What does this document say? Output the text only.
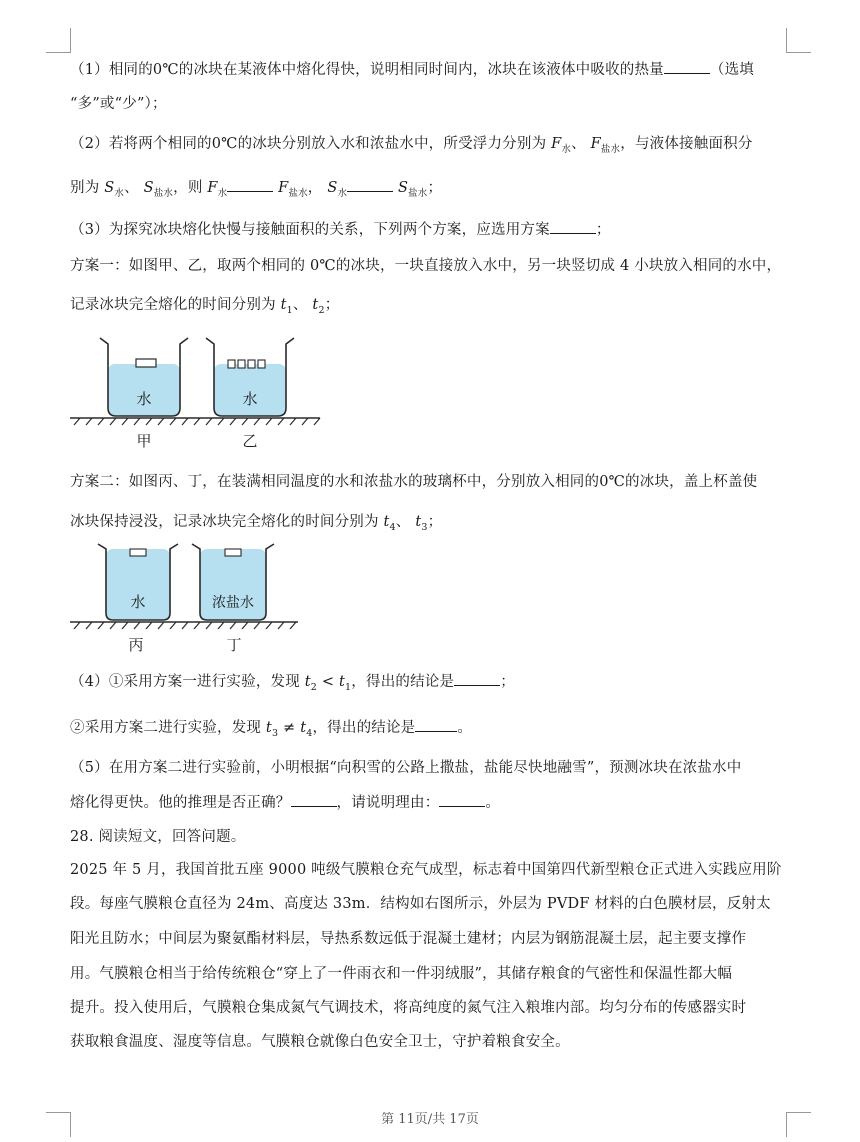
（1）相同的0℃的冰块在某液体中熔化得快，说明相同时间内，冰块在该液体中吸收的热量	（选填
“多”或“少”）；
（2）若将两个相同的0℃的冰块分别放入水和浓盐水中，所受浮力分别为 $F_水$、 $F_{盐水}$，与液体接触面积分
别为 $S_水$、 $S_{盐水}$，则 $F_水$	$F_{盐水}$， $S_水$	$S_{盐水}$；
（3）为探究冰块熔化快慢与接触面积的关系，下列两个方案，应选用方案	；
方案一：如图甲、乙，取两个相同的 0℃的冰块，一块直接放入水中，另一块竖切成 4 小块放入相同的水中，
记录冰块完全熔化的时间分别为 $t_1$、 $t_2$；
水	水
甲	乙
方案二：如图丙、丁，在装满相同温度的水和浓盐水的玻璃杯中，分别放入相同的0℃的冰块，盖上杯盖使
冰块保持浸没，记录冰块完全熔化的时间分别为 $t_4$、 $t_3$；
水	浓盐水
丙	丁
（4）①采用方案一进行实验，发现 $t_2 < t_1$，得出的结论是	；
②采用方案二进行实验，发现 $t_3 \ne t_4$，得出的结论是	。
（5）在用方案二进行实验前，小明根据“向积雪的公路上撒盐，盐能尽快地融雪”，预测冰块在浓盐水中
熔化得更快。他的推理是否正确？	，请说明理由：	。
28. 阅读短文，回答问题。
2025 年 5 月，我国首批五座 9000 吨级气膜粮仓充气成型，标志着中国第四代新型粮仓正式进入实践应用阶
段。每座气膜粮仓直径为 24m、高度达 33m．结构如右图所示，外层为 PVDF 材料的白色膜材层，反射太
阳光且防水；中间层为聚氨酯材料层，导热系数远低于混凝土建材；内层为钢筋混凝土层，起主要支撑作
用。气膜粮仓相当于给传统粮仓“穿上了一件雨衣和一件羽绒服”，其储存粮食的气密性和保温性都大幅
提升。投入使用后，气膜粮仓集成氮气气调技术，将高纯度的氮气注入粮堆内部。均匀分布的传感器实时
获取粮食温度、湿度等信息。气膜粮仓就像白色安全卫士，守护着粮食安全。
第 11页/共 17页
